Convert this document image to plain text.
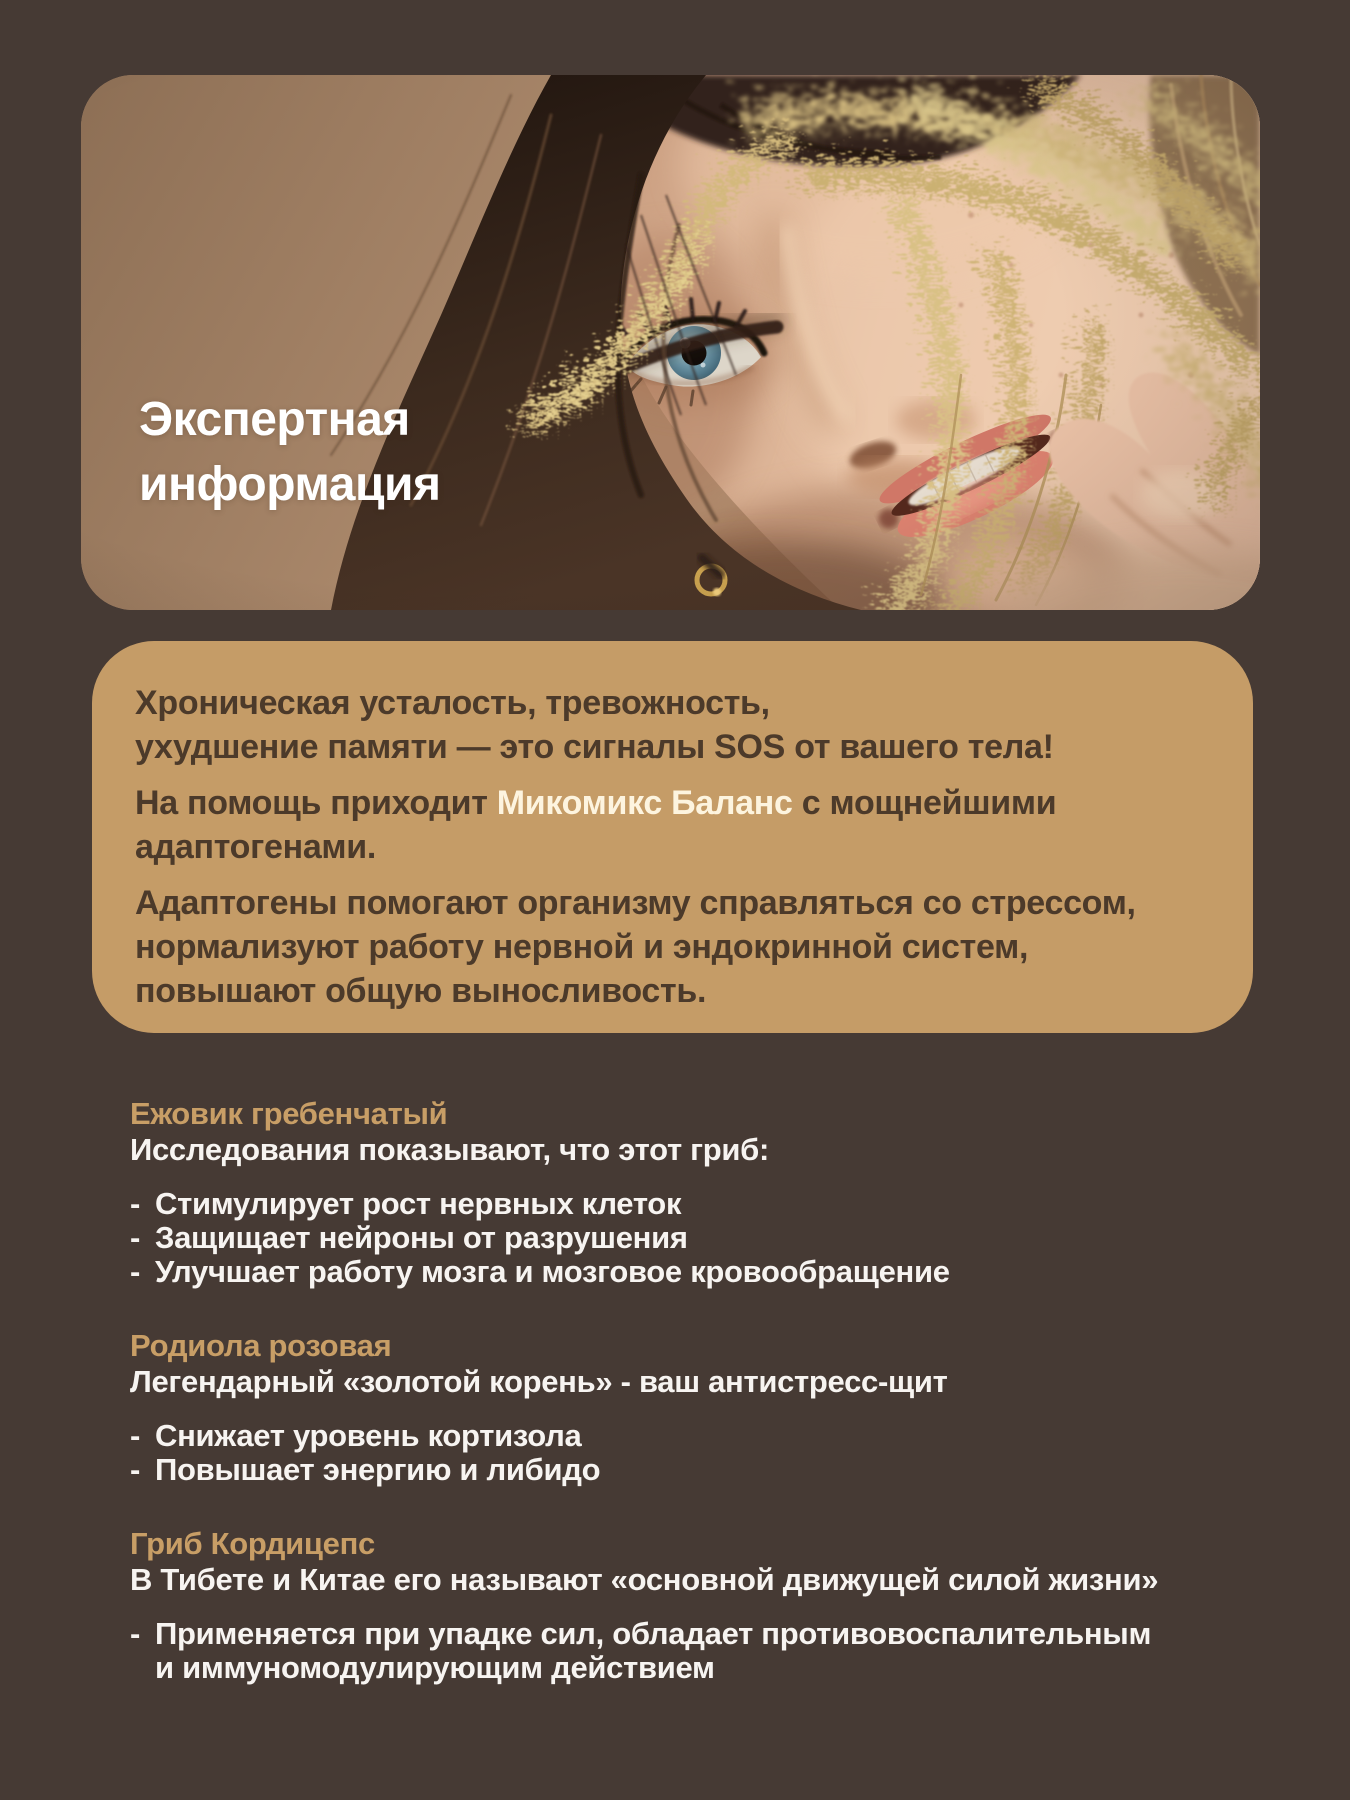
Экспертная
информация

Хроническая усталость, тревожность,
ухудшение памяти — это сигналы SOS от вашего тела!

На помощь приходит Микомикс Баланс с мощнейшими
адаптогенами.

Адаптогены помогают организму справляться со стрессом,
нормализуют работу нервной и эндокринной систем,
повышают общую выносливость.

Ежовик гребенчатый

Исследования показывают, что этот гриб:

- Стимулирует рост нервных клеток
- Защищает нейроны от разрушения
- Улучшает работу мозга и мозговое кровообращение
Родиола розовая

Легендарный «золотой корень» - ваш антистресс-щит

- Снижает уровень кортизола
- Повышает энергию и либидо
Гриб Кордицепс

В Тибете и Китае его называют «основной движущей силой жизни»

- Применяется при упадке сил, обладает противовоспалительным
и иммуномодулирующим действием
